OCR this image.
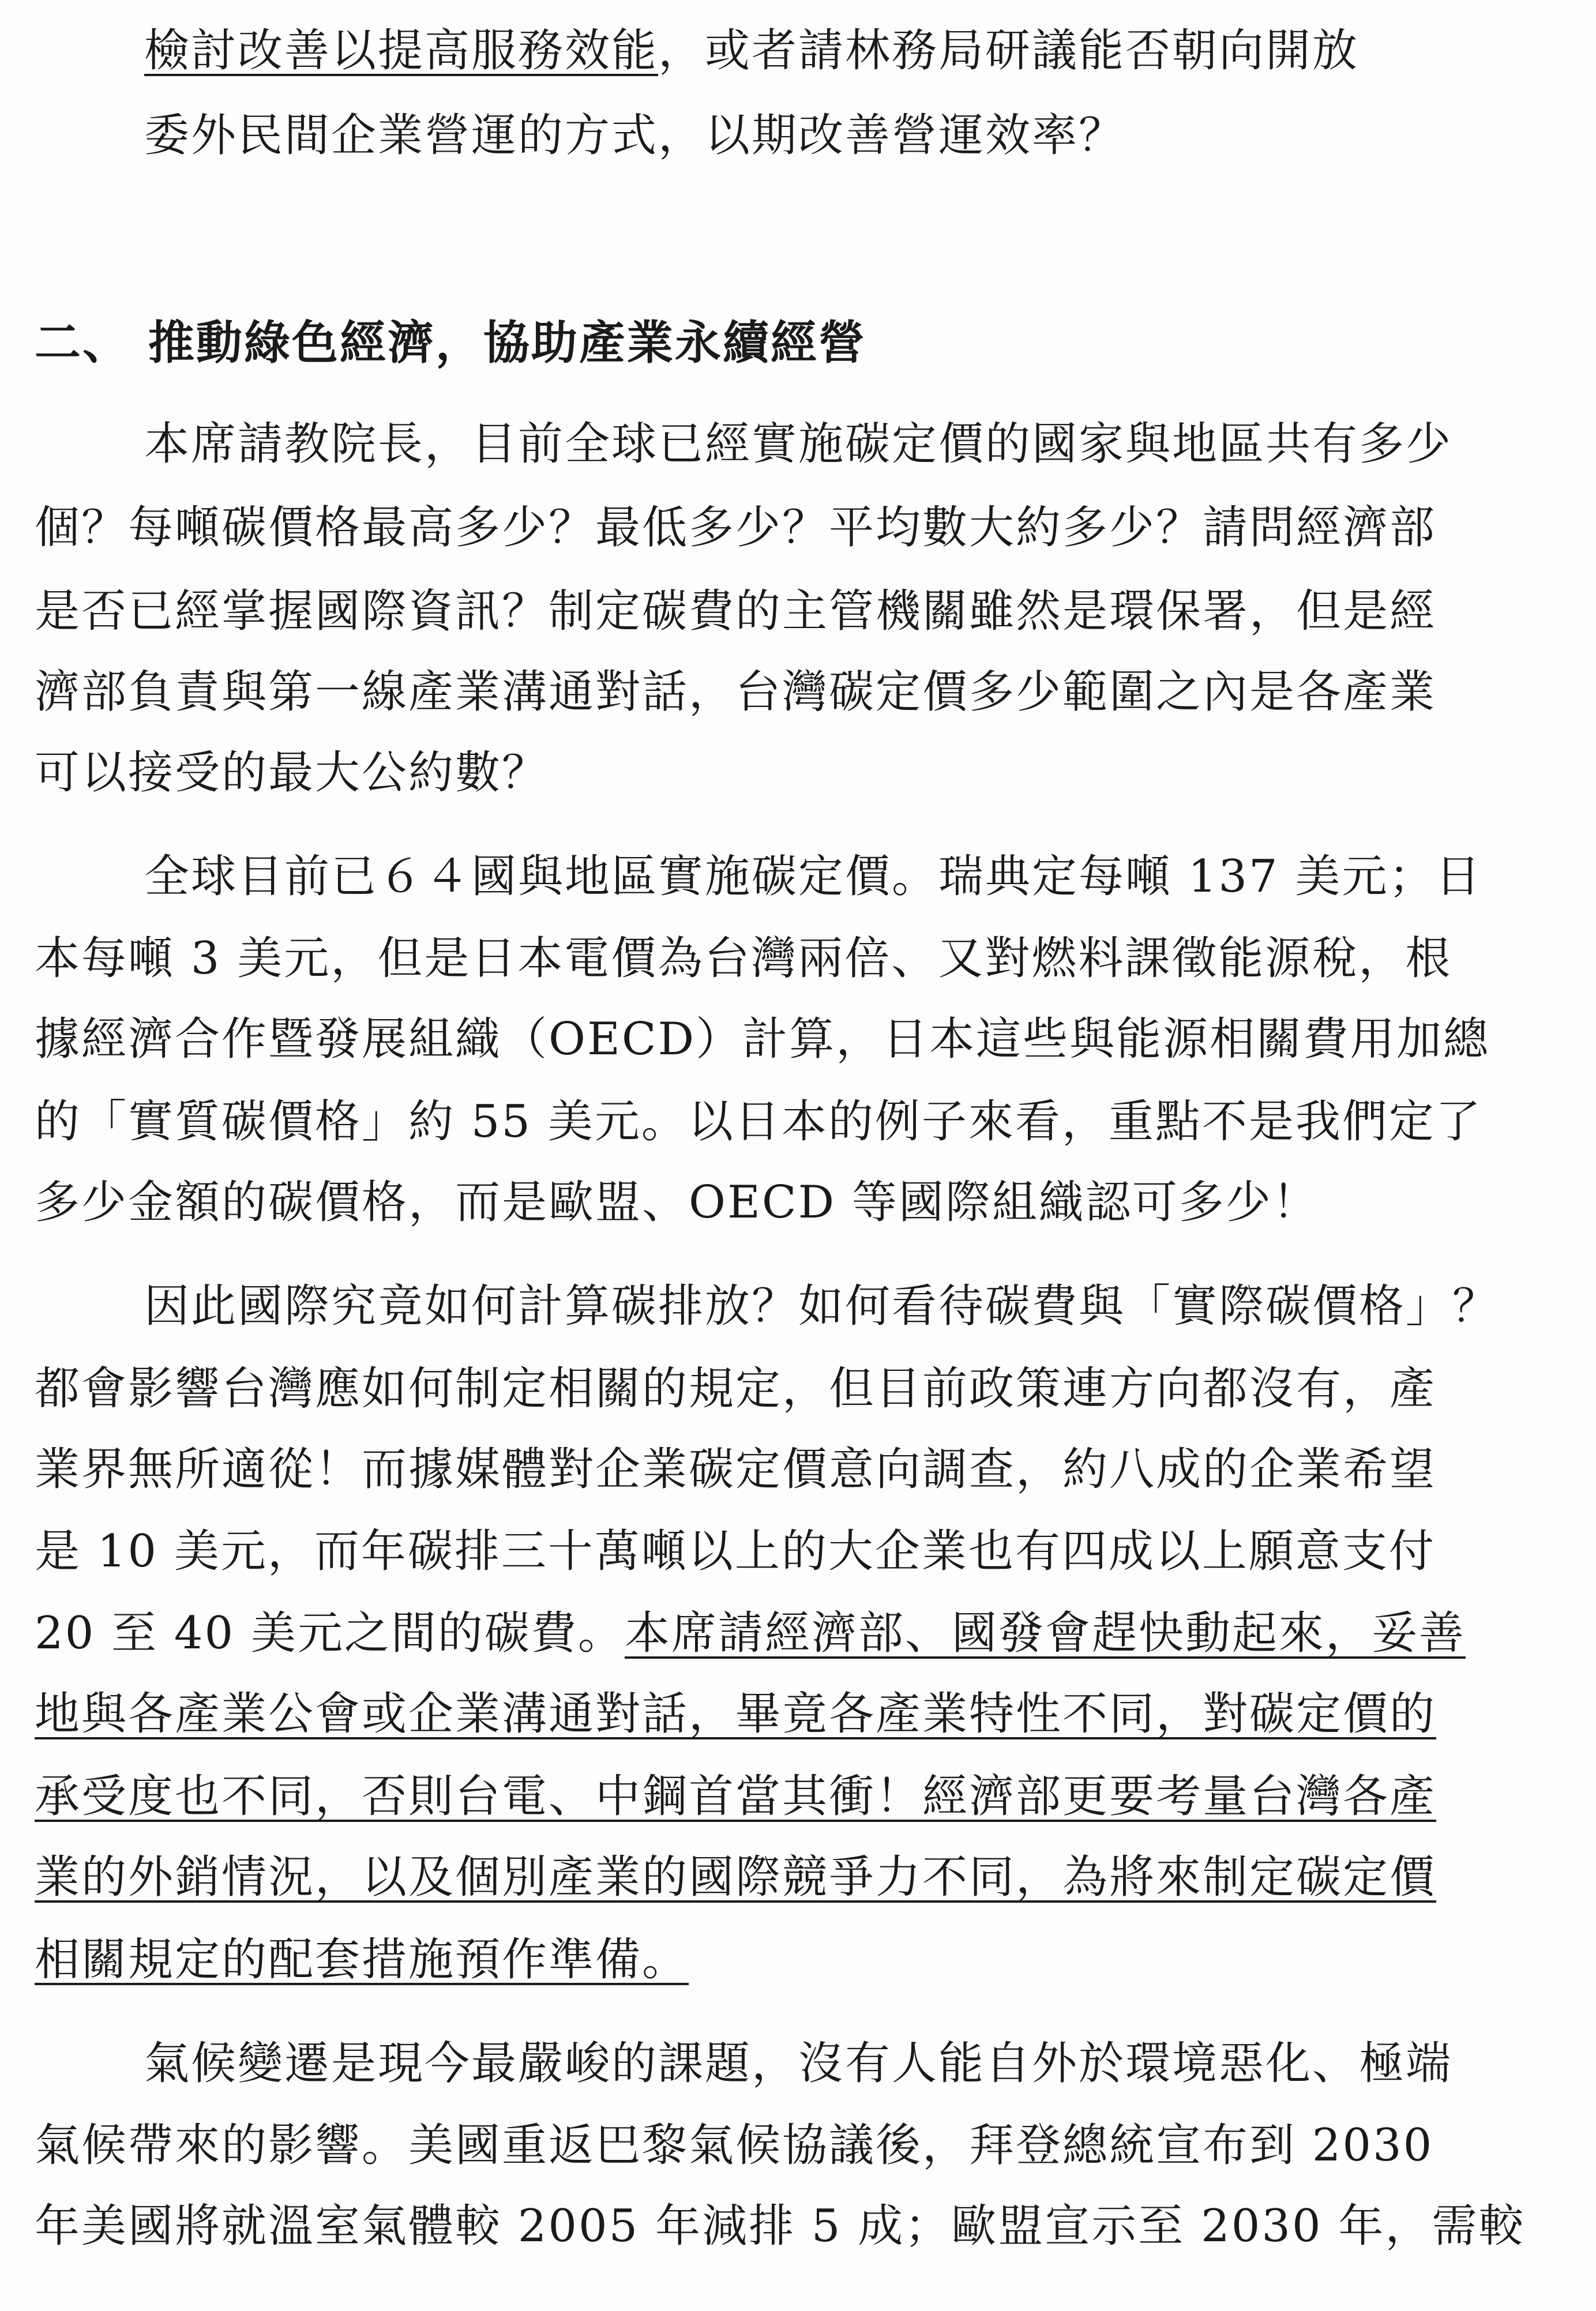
檢討改善以提高服務效能，或者請林務局研議能否朝向開放
委外民間企業營運的方式，以期改善營運效率？
二、 推動綠色經濟，協助產業永續經營
本席請教院長，目前全球已經實施碳定價的國家與地區共有多少
個？每噸碳價格最高多少？最低多少？平均數大約多少？請問經濟部
是否已經掌握國際資訊？制定碳費的主管機關雖然是環保署，但是經
濟部負責與第一線產業溝通對話，台灣碳定價多少範圍之內是各產業
可以接受的最大公約數？
全球目前已６４國與地區實施碳定價。瑞典定每噸 137 美元；日
本每噸 3 美元，但是日本電價為台灣兩倍、又對燃料課徵能源稅，根
據經濟合作暨發展組織（OECD）計算，日本這些與能源相關費用加總
的「實質碳價格」約 55 美元。以日本的例子來看，重點不是我們定了
多少金額的碳價格，而是歐盟、OECD 等國際組織認可多少！
因此國際究竟如何計算碳排放？如何看待碳費與「實際碳價格」？
都會影響台灣應如何制定相關的規定，但目前政策連方向都沒有，產
業界無所適從！而據媒體對企業碳定價意向調查，約八成的企業希望
是 10 美元，而年碳排三十萬噸以上的大企業也有四成以上願意支付
20 至 40 美元之間的碳費。本席請經濟部、國發會趕快動起來，妥善
地與各產業公會或企業溝通對話，畢竟各產業特性不同，對碳定價的
承受度也不同，否則台電、中鋼首當其衝！經濟部更要考量台灣各產
業的外銷情況，以及個別產業的國際競爭力不同，為將來制定碳定價
相關規定的配套措施預作準備。
氣候變遷是現今最嚴峻的課題，沒有人能自外於環境惡化、極端
氣候帶來的影響。美國重返巴黎氣候協議後，拜登總統宣布到 2030
年美國將就溫室氣體較 2005 年減排 5 成；歐盟宣示至 2030 年，需較
